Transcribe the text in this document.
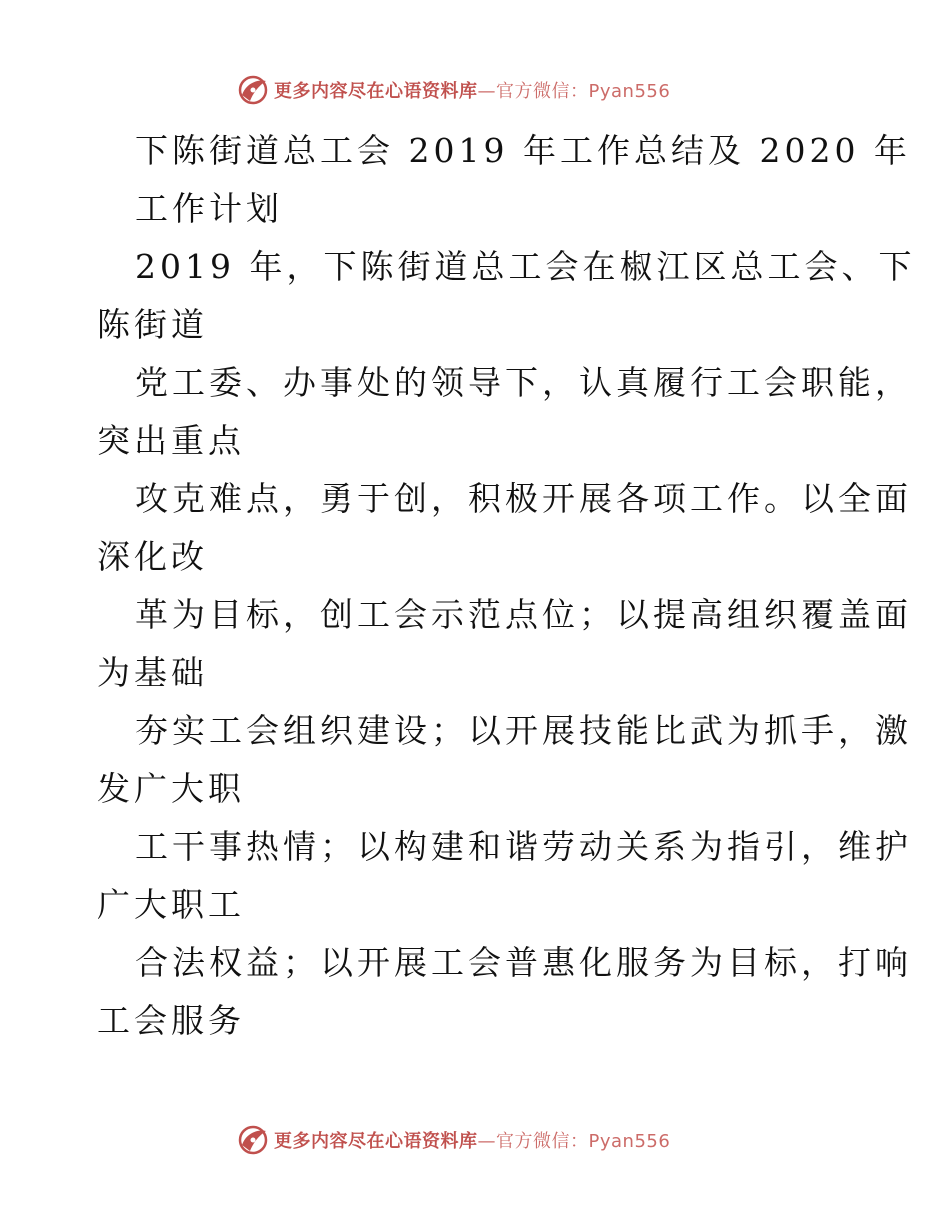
更多内容尽在心语资料库—官方微信：Pyan556
下陈街道总工会 2019 年工作总结及 2020 年
工作计划
2019 年，下陈街道总工会在椒江区总工会、下
陈街道
党工委、办事处的领导下，认真履行工会职能，
突出重点
攻克难点，勇于创，积极开展各项工作。以全面
深化改
革为目标，创工会示范点位；以提高组织覆盖面
为基础
夯实工会组织建设；以开展技能比武为抓手，激
发广大职
工干事热情；以构建和谐劳动关系为指引，维护
广大职工
合法权益；以开展工会普惠化服务为目标，打响
工会服务
更多内容尽在心语资料库—官方微信：Pyan556
